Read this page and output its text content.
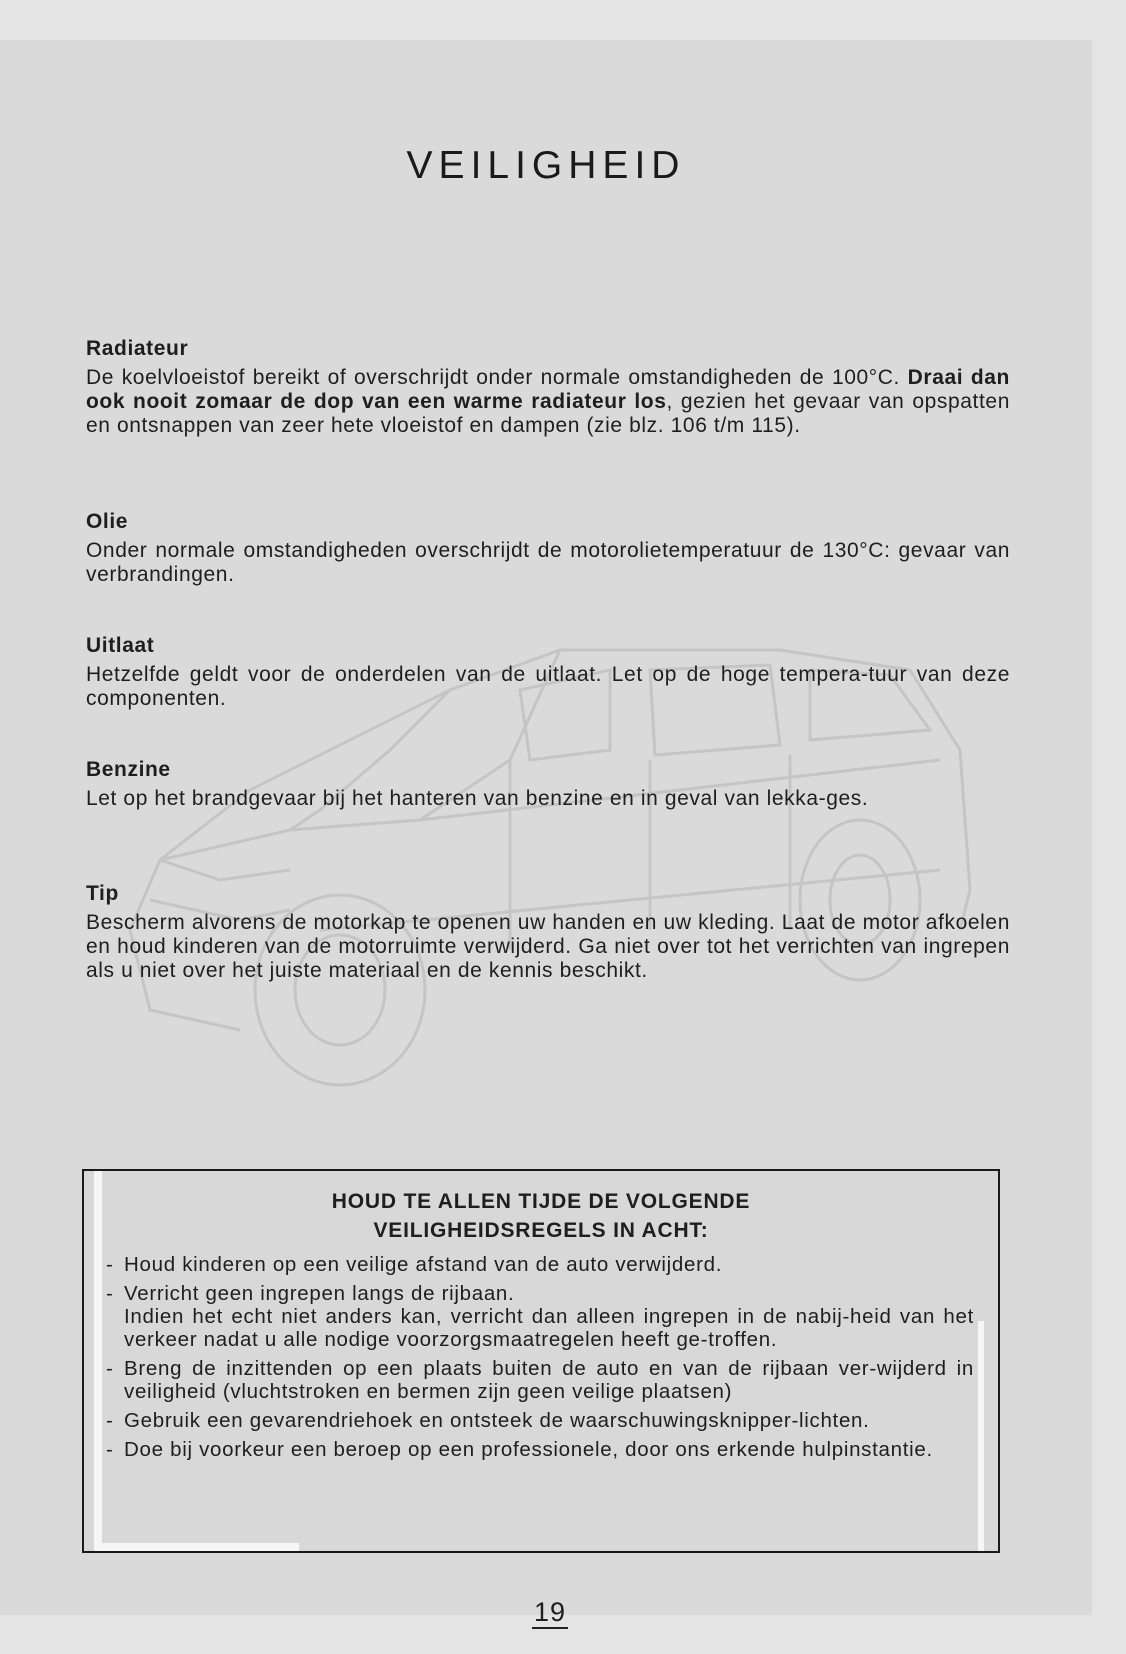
VEILIGHEID
Radiateur

De koelvloeistof bereikt of overschrijdt onder normale omstandigheden de 100°C. Draai dan ook nooit zomaar de dop van een warme radiateur los, gezien het gevaar van opspatten en ontsnappen van zeer hete vloeistof en dampen (zie blz. 106 t/m 115).

Olie

Onder normale omstandigheden overschrijdt de motorolietemperatuur de 130°C: gevaar van verbrandingen.

Uitlaat

Hetzelfde geldt voor de onderdelen van de uitlaat. Let op de hoge tempera-tuur van deze componenten.

Benzine

Let op het brandgevaar bij het hanteren van benzine en in geval van lekka-ges.

Tip

Bescherm alvorens de motorkap te openen uw handen en uw kleding. Laat de motor afkoelen en houd kinderen van de motorruimte verwijderd. Ga niet over tot het verrichten van ingrepen als u niet over het juiste materiaal en de kennis beschikt.

HOUD TE ALLEN TIJDE DE VOLGENDE
VEILIGHEIDSREGELS IN ACHT:
- Houd kinderen op een veilige afstand van de auto verwijderd.
- Verricht geen ingrepen langs de rijbaan.
Indien het echt niet anders kan, verricht dan alleen ingrepen in de nabij-heid van het verkeer nadat u alle nodige voorzorgsmaatregelen heeft ge-troffen.
- Breng de inzittenden op een plaats buiten de auto en van de rijbaan ver-wijderd in veiligheid (vluchtstroken en bermen zijn geen veilige plaatsen)
- Gebruik een gevarendriehoek en ontsteek de waarschuwingsknipper-lichten.
- Doe bij voorkeur een beroep op een professionele, door ons erkende hulpinstantie.
19
